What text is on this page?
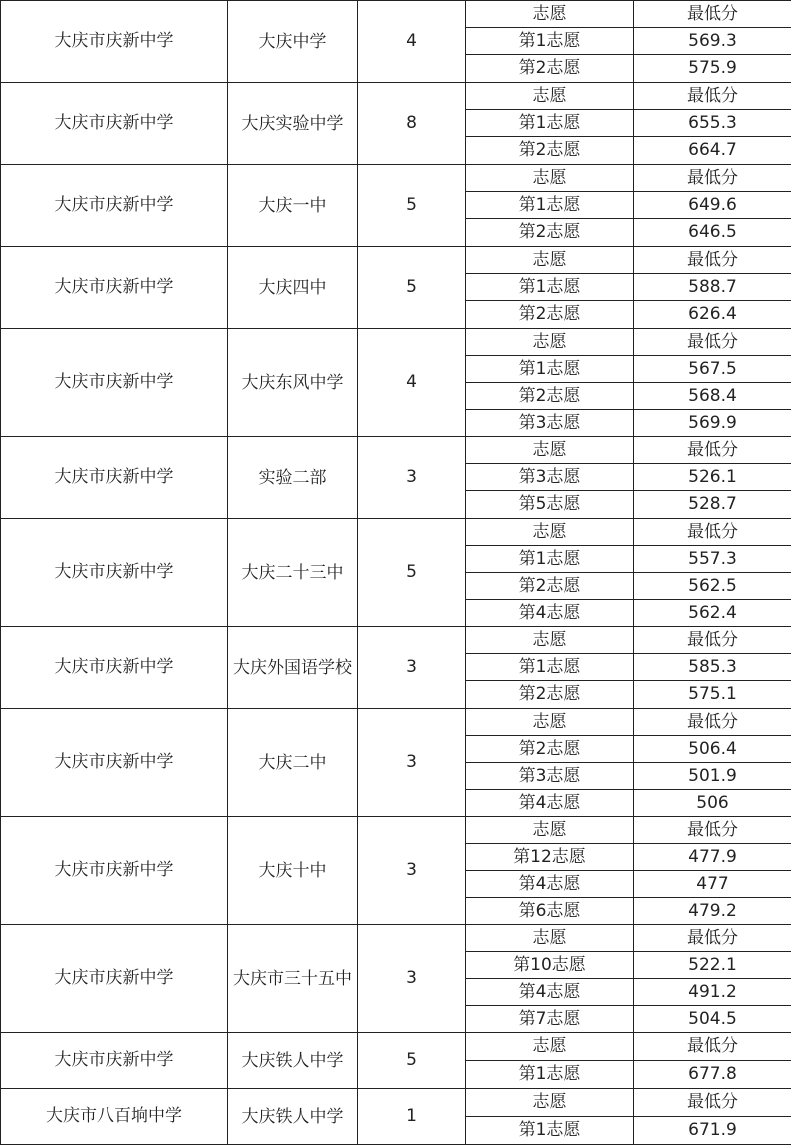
大庆市庆新中学	大庆中学	4	志愿	最低分
			第1志愿	569.3
			第2志愿	575.9
大庆市庆新中学	大庆实验中学	8	志愿	最低分
			第1志愿	655.3
			第2志愿	664.7
大庆市庆新中学	大庆一中	5	志愿	最低分
			第1志愿	649.6
			第2志愿	646.5
大庆市庆新中学	大庆四中	5	志愿	最低分
			第1志愿	588.7
			第2志愿	626.4
大庆市庆新中学	大庆东风中学	4	志愿	最低分
			第1志愿	567.5
			第2志愿	568.4
			第3志愿	569.9
大庆市庆新中学	实验二部	3	志愿	最低分
			第3志愿	526.1
			第5志愿	528.7
大庆市庆新中学	大庆二十三中	5	志愿	最低分
			第1志愿	557.3
			第2志愿	562.5
			第4志愿	562.4
大庆市庆新中学	大庆外国语学校	3	志愿	最低分
			第1志愿	585.3
			第2志愿	575.1
大庆市庆新中学	大庆二中	3	志愿	最低分
			第2志愿	506.4
			第3志愿	501.9
			第4志愿	506
大庆市庆新中学	大庆十中	3	志愿	最低分
			第12志愿	477.9
			第4志愿	477
			第6志愿	479.2
大庆市庆新中学	大庆市三十五中	3	志愿	最低分
			第10志愿	522.1
			第4志愿	491.2
			第7志愿	504.5
大庆市庆新中学	大庆铁人中学	5	志愿	最低分
			第1志愿	677.8
大庆市八百垧中学	大庆铁人中学	1	志愿	最低分
			第1志愿	671.9
